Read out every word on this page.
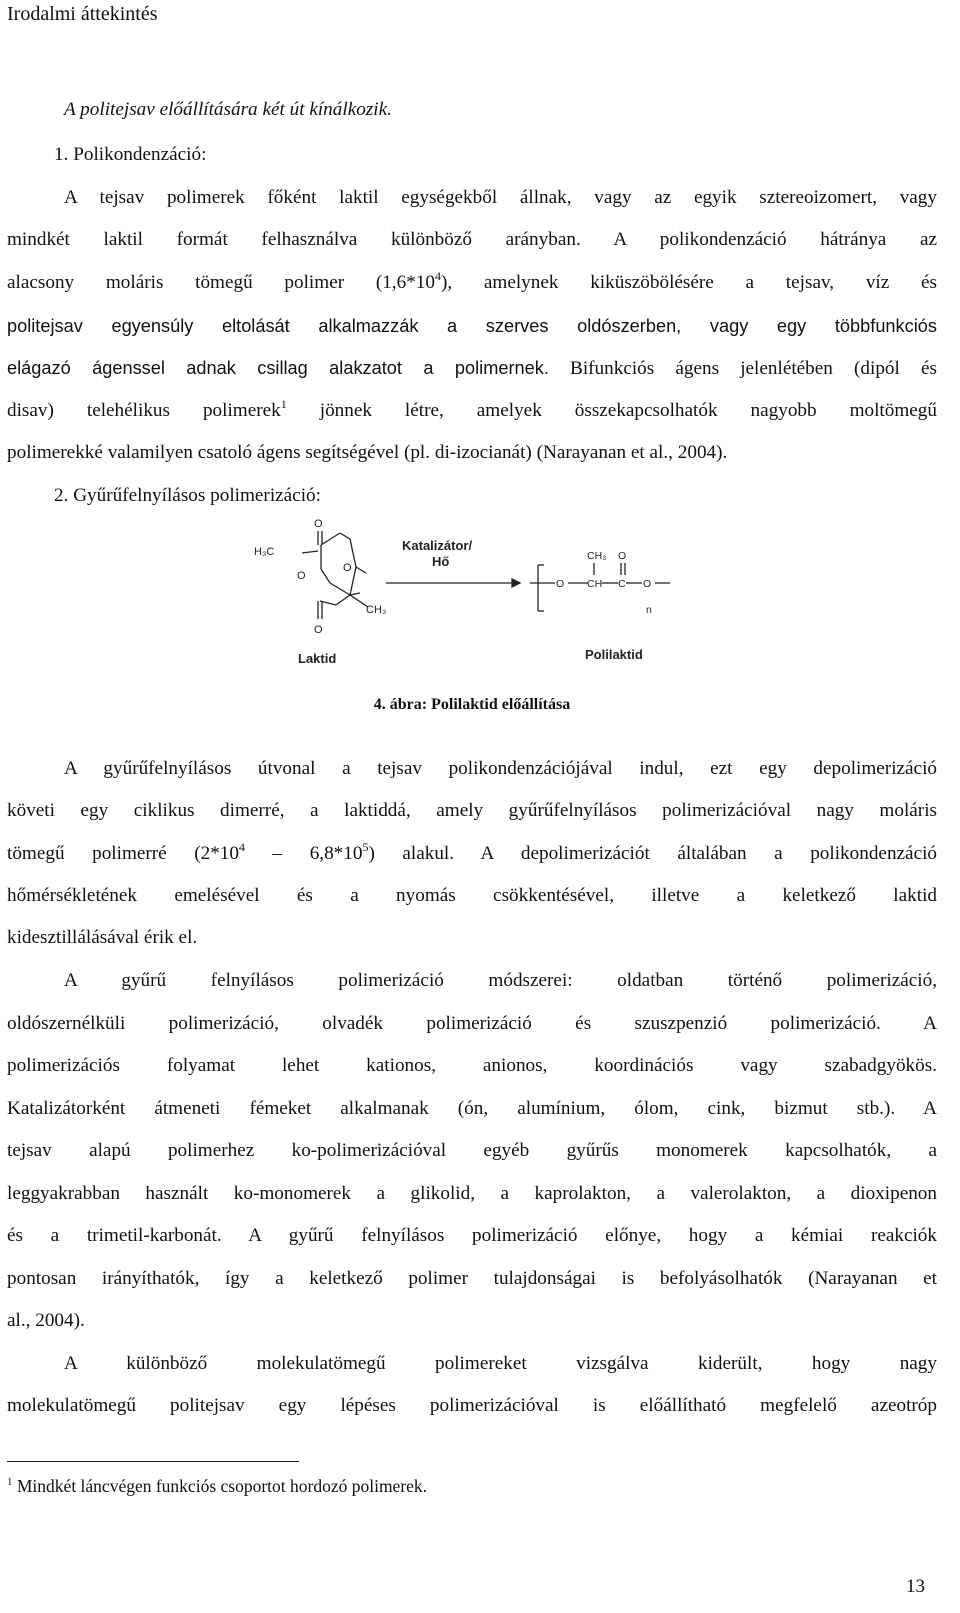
Irodalmi áttekintés
A politejsav előállítására két út kínálkozik.
1. Polikondenzáció:
A tejsav polimerek főként laktil egységekből állnak, vagy az egyik sztereoizomert, vagy
mindkét laktil formát felhasználva különböző arányban. A polikondenzáció hátránya az
alacsony moláris tömegű polimer $(1,6*10^4)$, amelynek kiküszöbölésére a tejsav, víz és
politejsav egyensúly eltolását alkalmazzák a szerves oldószerben, vagy egy többfunkciós
elágazó ágenssel adnak csillag alakzatot a polimernek. Bifunkciós ágens jelenlétében (dipól és
disav) telehélikus polimerek$^1$ jönnek létre, amelyek összekapcsolhatók nagyobb moltömegű
polimerekké valamilyen csatoló ágens segítségével (pl. di-izocianát) (Narayanan et al., 2004).
2. Gyűrűfelnyílásos polimerizáció:
O
H₃C
O
O
CH₃
O
Katalizátor/
Hő
O CH
CH₃
C
O
O
n
Laktid	Polilaktid
4. ábra: Polilaktid előállítása
A gyűrűfelnyílásos útvonal a tejsav polikondenzációjával indul, ezt egy depolimerizáció
követi egy ciklikus dimerré, a laktiddá, amely gyűrűfelnyílásos polimerizációval nagy moláris
tömegű polimerré $(2*10^4 - 6,8*10^5)$ alakul. A depolimerizációt általában a polikondenzáció
hőmérsékletének emelésével és a nyomás csökkentésével, illetve a keletkező laktid
kidesztillálásával érik el.
A gyűrű felnyílásos polimerizáció módszerei: oldatban történő polimerizáció,
oldószernélküli polimerizáció, olvadék polimerizáció és szuszpenzió polimerizáció. A
polimerizációs folyamat lehet kationos, anionos, koordinációs vagy szabadgyökös.
Katalizátorként átmeneti fémeket alkalmanak (ón, alumínium, ólom, cink, bizmut stb.). A
tejsav alapú polimerhez ko-polimerizációval egyéb gyűrűs monomerek kapcsolhatók, a
leggyakrabban használt ko-monomerek a glikolid, a kaprolakton, a valerolakton, a dioxipenon
és a trimetil-karbonát. A gyűrű felnyílásos polimerizáció előnye, hogy a kémiai reakciók
pontosan irányíthatók, így a keletkező polimer tulajdonságai is befolyásolhatók (Narayanan et
al., 2004).
A különböző molekulatömegű polimereket vizsgálva kiderült, hogy nagy
molekulatömegű politejsav egy lépéses polimerizációval is előállítható megfelelő azeotróp
$^1$ Mindkét láncvégen funkciós csoportot hordozó polimerek.
13
